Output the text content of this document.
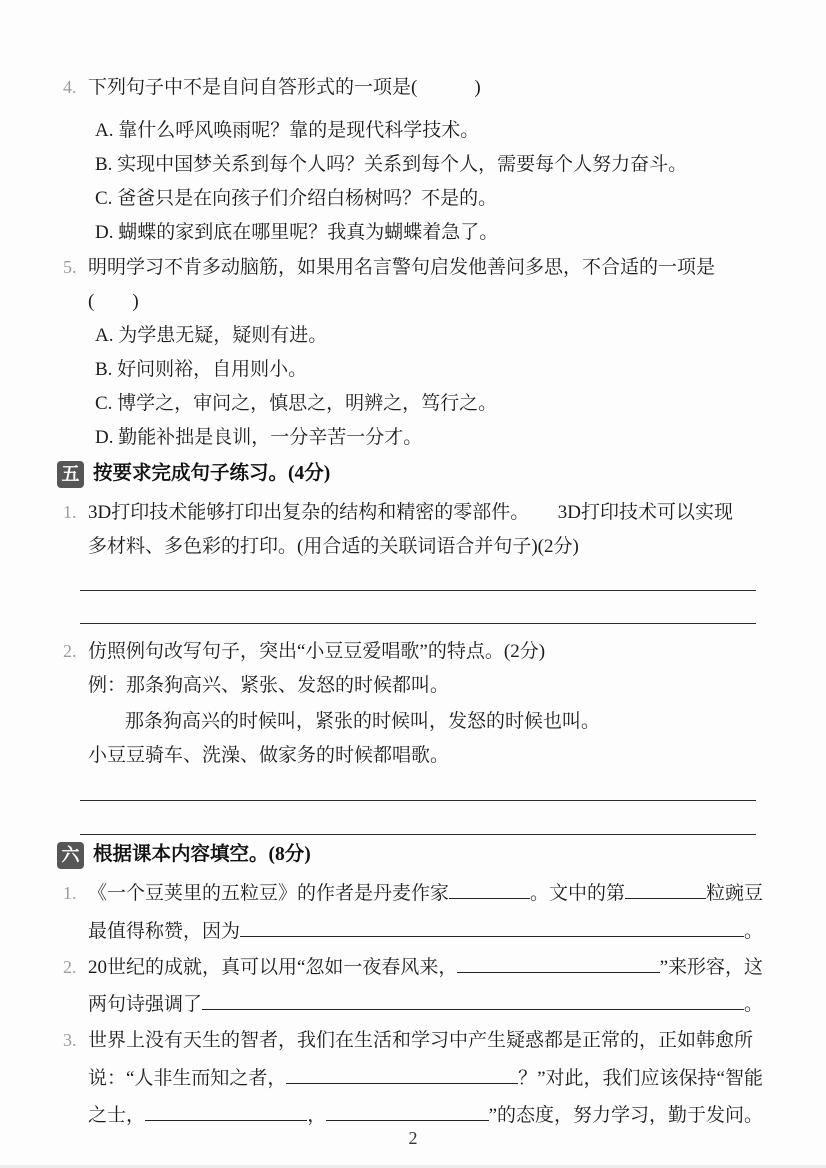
4. 下列句子中不是自问自答形式的一项是(　　　)
A. 靠什么呼风唤雨呢？靠的是现代科学技术。
B. 实现中国梦关系到每个人吗？关系到每个人，需要每个人努力奋斗。
C. 爸爸只是在向孩子们介绍白杨树吗？不是的。
D. 蝴蝶的家到底在哪里呢？我真为蝴蝶着急了。
5. 明明学习不肯多动脑筋，如果用名言警句启发他善问多思，不合适的一项是(　　)
A. 为学患无疑，疑则有进。
B. 好问则裕，自用则小。
C. 博学之，审问之，慎思之，明辨之，笃行之。
D. 勤能补拙是良训，一分辛苦一分才。
五 按要求完成句子练习。(4分)
1. 3D打印技术能够打印出复杂的结构和精密的零部件。　　3D打印技术可以实现
多材料、多色彩的打印。(用合适的关联词语合并句子)(2分)
2. 仿照例句改写句子，突出“小豆豆爱唱歌”的特点。(2分)
例：那条狗高兴、紧张、发怒的时候都叫。
那条狗高兴的时候叫，紧张的时候叫，发怒的时候也叫。
小豆豆骑车、洗澡、做家务的时候都唱歌。
六 根据课本内容填空。(8分)
1. 《一个豆荚里的五粒豆》的作者是丹麦作家	。文中的第	粒豌豆
最值得称赞，因为	。
2. 20世纪的成就，真可以用“忽如一夜春风来，	”来形容，这
两句诗强调了	。
3. 世界上没有天生的智者，我们在生活和学习中产生疑惑都是正常的，正如韩愈所
说：“人非生而知之者，	？”对此，我们应该保持“智能
之士，	，	”的态度，努力学习，勤于发问。
2
